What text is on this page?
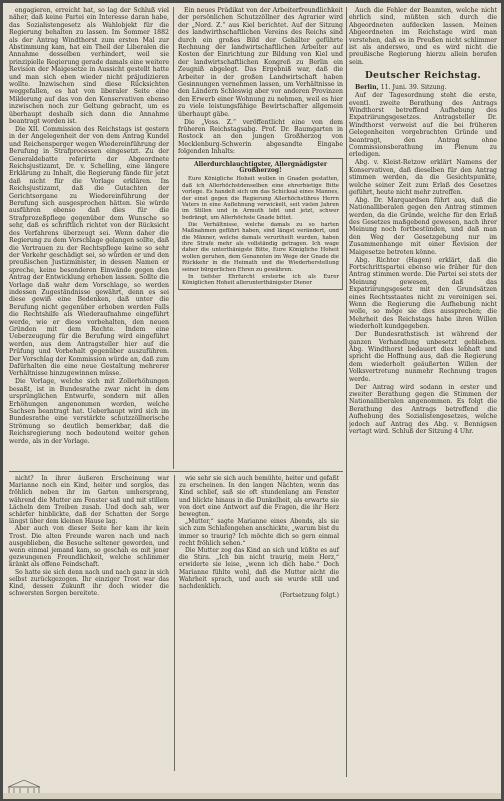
engagieren, erreicht hat, so lag der Schluß viel näher, daß keine Partei ein Interesse daran habe, das Sozialistengesetz als Wahlobjekt für die Regierung behalten zu lassen. Im Sommer 1882 als der Antrag Windthorst zum ersten Mal zur Abstimmung kam, hat ein Theil der Liberalen die Annahme desselben verhindert, weil sie prinzipielle Regierung gerade damals eine weitere Revision der Maigesetze in Aussicht gestellt hatte und man sich eben wieder nicht präjudizieren wollte. Inzwischen sind diese Rücksichten weggefallen, es hat von liberaler Seite eine Milderung auf das von den Konservativen ebenso inzwischen noch zur Geltung gebracht, um es überhaupt deshalb sich dann die Annahme beantragt worden ist.

Die XII. Commission des Reichstags ist gestern in der Angelegenheit der von dem Antrag Kundel und Reichensperger wegen Wiedereinführung der Berufung in Strafprocessen eingesetzt. Zu der Generaldebatte referirte der Abgeordnete Reichsjustizamt, Dr. v. Schelling, eine längere Erklärung zu Inhalt, die Regierung fände für jetzt daß nicht für die Vorlage erklären. Im Reichsjustizamt, daß die Gutachten der Gerichtsorgane zu Wiedereinführung der Berufung sich ausgesprochen hätten. Sie würde ausführen ebenso daß dies für die Strafprozeßpflege gegenüber dem Wunsche so sehr, daß es schriftlich richtet von der Rücksicht des Verfahrens überzeugt sei. Wenn daher die Regierung zu dem Vorschlage gelangen sollte, daß die Vertrauen zu der Rechtspflege keine so sehr der Verkehr geschädigt sei, so würden er und den preußischen Justizminister, in dessen Namen er spreche, keine besonderen Einwände gegen den Antrag der Entwicklung erheben lassen. Sollte die Vorlage daß wahr dem Vorschlage, so werden indessen Zugeständnisse gewährt, denn es sei diese gewiß eine Bedenken, daß unter die Berufung nicht gegenüber erhoben werden Falls die Rechtshilfe als Wiederaufnahme eingeführt werde, wie er diese vorbehalten, den neuen Gründen mit dem Rechte. Indem eine Ueberzeugung für die Berufung wird eingeführt werden, aus dem Antragsteller hier auf die Prüfung und Vorbehalt gegenüber auszuführen. Der Vorschlag der Kommission würde an, daß zum Dafürhalten die eine neue Gestaltung mehrerer Verhältnisse hinzugewinnen müsse.

Die Vorlage, welche sich mit Zollerhöhungen besaßt, ist in Bundesrathe zwar nicht in dem ursprünglichen Entwurfe, sondern mit allen Erhöhungen angenommen worden, welche Sachsen beantragt hat. Ueberhaupt wird sich im Bundesrathe eine verstärkte schutzzöllnerische Strömung so deutlich bemerkbar, daß die Reichsregierung noch bedeutend weiter gehen werde, als in der Vorlage.

Ein neues Prädikat von der Arbeiterfreundlichkeit der persönlichen Schutzzöllner des Agrarier wird der „Nord. Z.“ aus Kiel berichtet. Auf der Sitzung des landwirthschaftlichen Vereins des Reichs sind durch ein großes Bild der Gehälter geführte Rechnung der landwirtschaftlichen Arbeiter auf Kosten der Einrichtung zur Bildung von Kiel und der landwirtschaftlichen Kongreß zu Berlin ein Zeugniß abgelegt. Das Ergebniß war, daß die Arbeiter in der großen Landwirtschaft haben Gesinnungen vernehmen lassen, um Verhältnisse in den Ländern Schleswig aber vor anderen Provinzen den Erwerb einer Wohnung zu nehmen, weil es hier zu viele leistungsfähige Bewirtschafter allgemein überhaupt gäbe.

Die „Voss. Z.“ veröffentlicht eine von dem früheren Reichstagsabg. Prof. Dr. Baumgarten in Rostock an den jungen Großherzog von Mecklenburg-Schwerin abgesandte Eingabe folgenden Inhalts:

Allerdurchlauchtigster, Allergnädigster Großherzog!

Eure Königliche Hoheit wollen in Gnaden gestatten, daß ich Allerhöchstdenselben eine ehrerbietige Bitte vorlege. Es handelt sich um das Schicksal eines Mannes, der einst gegen die Regierung Allerhöchstihres Herrn Vaters in eine Auflehnung verwickelt, seit vielen Jahren im Stillen und in Armuth lebt und jetzt, schwer bedrängt, um Allerhöchste Gnade bittet.

Die Verhältnisse, welche damals zu so harten Maßnahmen geführt haben, sind längst verändert, und die Männer, welche damals verurtheilt wurden, haben ihre Strafe mehr als vollständig getragen. Ich wage daher die unterthänigste Bitte, Eure Königliche Hoheit wollen geruhen, dem Genannten im Wege der Gnade die Rückkehr in die Heimath und die Wiederherstellung seiner bürgerlichen Ehren zu gewähren.

In tiefster Ehrfurcht ersterbe ich als Eurer Königlichen Hoheit allerunterthänigster Diener

Auch die Fehler der Beamten, welche nicht ehrlich sind, müßten sich durch die Abgeordneten aufdecken lassen. Meinen Abgeordneten im Reichstage wird man verstehen, daß es in Preußen nicht schlimmer ist als anderswo, und es wird nicht die preußische Regierung hierzu allein berufen sein.

Deutscher Reichstag.

Berlin, 11. Juni. 39. Sitzung.

Auf der Tagesordnung steht die erste, eventl. zweite Berathung des Antrags Windthorst betreffend Aufhebung des Expatriirungsgesetzes. Antragsteller Dr. Windthorst verweist auf die bei früheren Gelegenheiten vorgebrachten Gründe und beantragt, den Antrag ohne Commissionsberathung im Plenum zu erledigen.

Abg. v. Kleist-Retzow erklärt Namens der Konservativen, daß dieselben für den Antrag stimmen werden, da die Gesichtspunkte, welche seiner Zeit zum Erlaß des Gesetzes geführt, heute nicht mehr zutreffen.

Abg. Dr. Marquardsen führt aus, daß die Nationalliberalen gegen den Antrag stimmen werden, da die Gründe, welche für den Erlaß des Gesetzes maßgebend gewesen, nach ihrer Meinung noch fortbestünden, und daß man den Weg der Gesetzgebung nur im Zusammenhange mit einer Revision der Maigesetze betreten könne.

Abg. Richter (Hagen) erklärt, daß die Fortschrittspartei ebenso wie früher für den Antrag stimmen werde. Die Partei sei stets der Meinung gewesen, daß das Expatriirungsgesetz mit den Grundsätzen eines Rechtsstaates nicht zu vereinigen sei. Wenn die Regierung die Aufhebung nicht wolle, so möge sie dies aussprechen; die Mehrheit des Reichstags habe ihren Willen wiederholt kundgegeben.

Der Bundesrathstisch ist während der ganzen Verhandlung unbesetzt geblieben. Abg. Windthorst bedauert dies lebhaft und spricht die Hoffnung aus, daß die Regierung dem wiederholt geäußerten Willen der Volksvertretung nunmehr Rechnung tragen werde.

Der Antrag wird sodann in erster und zweiter Berathung gegen die Stimmen der Nationalliberalen angenommen. Es folgt die Berathung des Antrags betreffend die Aufhebung des Sozialistengesetzes, welche jedoch auf Antrag des Abg. v. Bennigsen vertagt wird. Schluß der Sitzung 4 Uhr.

nicht? In ihrer äußeren Erscheinung war Marianne noch ein Kind, heiter und sorglos, das fröhlich neben ihr im Garten umhersprang, während die Mutter am Fenster saß und mit stillem Lächeln dem Treiben zusah. Und doch sah, wer schärfer hinblickte, daß der Schatten der Sorge längst über dem kleinen Hause lag.

Aber auch von dieser Seite her kam ihr kein Trost. Die alten Freunde waren nach und nach ausgeblieben, die Besuche seltener geworden, und wenn einmal jemand kam, so geschah es mit jener gezwungenen Freundlichkeit, welche schlimmer kränkt als offene Feindschaft.

So hatte sie sich denn nach und nach ganz in sich selbst zurückgezogen. Ihr einziger Trost war das Kind, dessen Zukunft ihr doch wieder die schwersten Sorgen bereitete.

wie sehr sie sich auch bemühte, heiter und gefaßt zu erscheinen. In den langen Nächten, wenn das Kind schlief, saß sie oft stundenlang am Fenster und blickte hinaus in die Dunkelheit, als erwarte sie von dort eine Antwort auf die Fragen, die ihr Herz bewegten.

„Mutter,“ sagte Marianne eines Abends, als sie sich zum Schlafengehen anschickte, „warum bist du immer so traurig? Ich möchte dich so gern einmal recht fröhlich sehen.“

Die Mutter zog das Kind an sich und küßte es auf die Stirn. „Ich bin nicht traurig, mein Herz,“ erwiderte sie leise, „wenn ich dich habe.“ Doch Marianne fühlte wohl, daß die Mutter nicht die Wahrheit sprach, und auch sie wurde still und nachdenklich.

(Fortsetzung folgt.)
